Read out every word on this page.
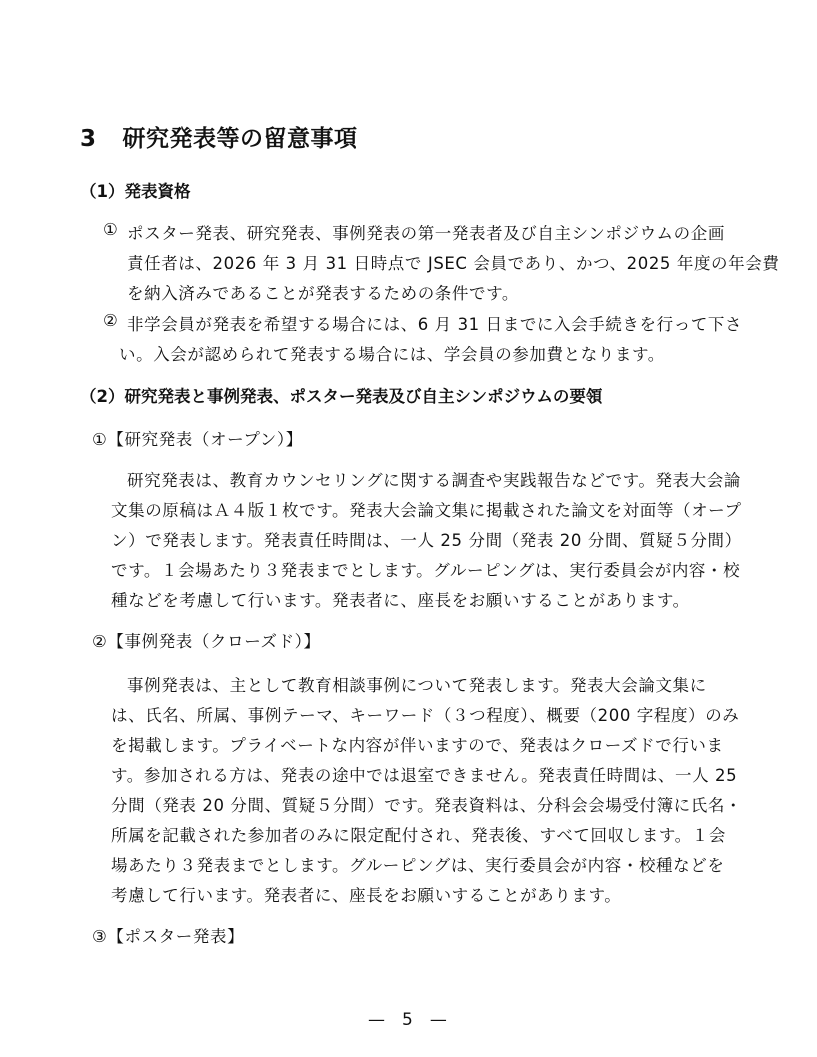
3 研究発表等の留意事項
（1）発表資格
① ポスター発表、研究発表、事例発表の第一発表者及び自主シンポジウムの企画
責任者は、2026 年 3 月 31 日時点で JSEC 会員であり、かつ、2025 年度の年会費
を納入済みであることが発表するための条件です。
② 非学会員が発表を希望する場合には、6 月 31 日までに入会手続きを行って下さ
い。入会が認められて発表する場合には、学会員の参加費となります。
（2）研究発表と事例発表、ポスター発表及び自主シンポジウムの要領
①【研究発表（オープン）】
研究発表は、教育カウンセリングに関する調査や実践報告などです。発表大会論
文集の原稿はＡ４版１枚です。発表大会論文集に掲載された論文を対面等（オープ
ン）で発表します。発表責任時間は、一人 25 分間（発表 20 分間、質疑５分間）
です。１会場あたり３発表までとします。グルーピングは、実行委員会が内容・校
種などを考慮して行います。発表者に、座長をお願いすることがあります。
②【事例発表（クローズド）】
事例発表は、主として教育相談事例について発表します。発表大会論文集に
は、氏名、所属、事例テーマ、キーワード（３つ程度）、概要（200 字程度）のみ
を掲載します。プライベートな内容が伴いますので、発表はクローズドで行いま
す。参加される方は、発表の途中では退室できません。発表責任時間は、一人 25
分間（発表 20 分間、質疑５分間）です。発表資料は、分科会会場受付簿に氏名・
所属を記載された参加者のみに限定配付され、発表後、すべて回収します。１会
場あたり３発表までとします。グルーピングは、実行委員会が内容・校種などを
考慮して行います。発表者に、座長をお願いすることがあります。
③【ポスター発表】
—　5　—
